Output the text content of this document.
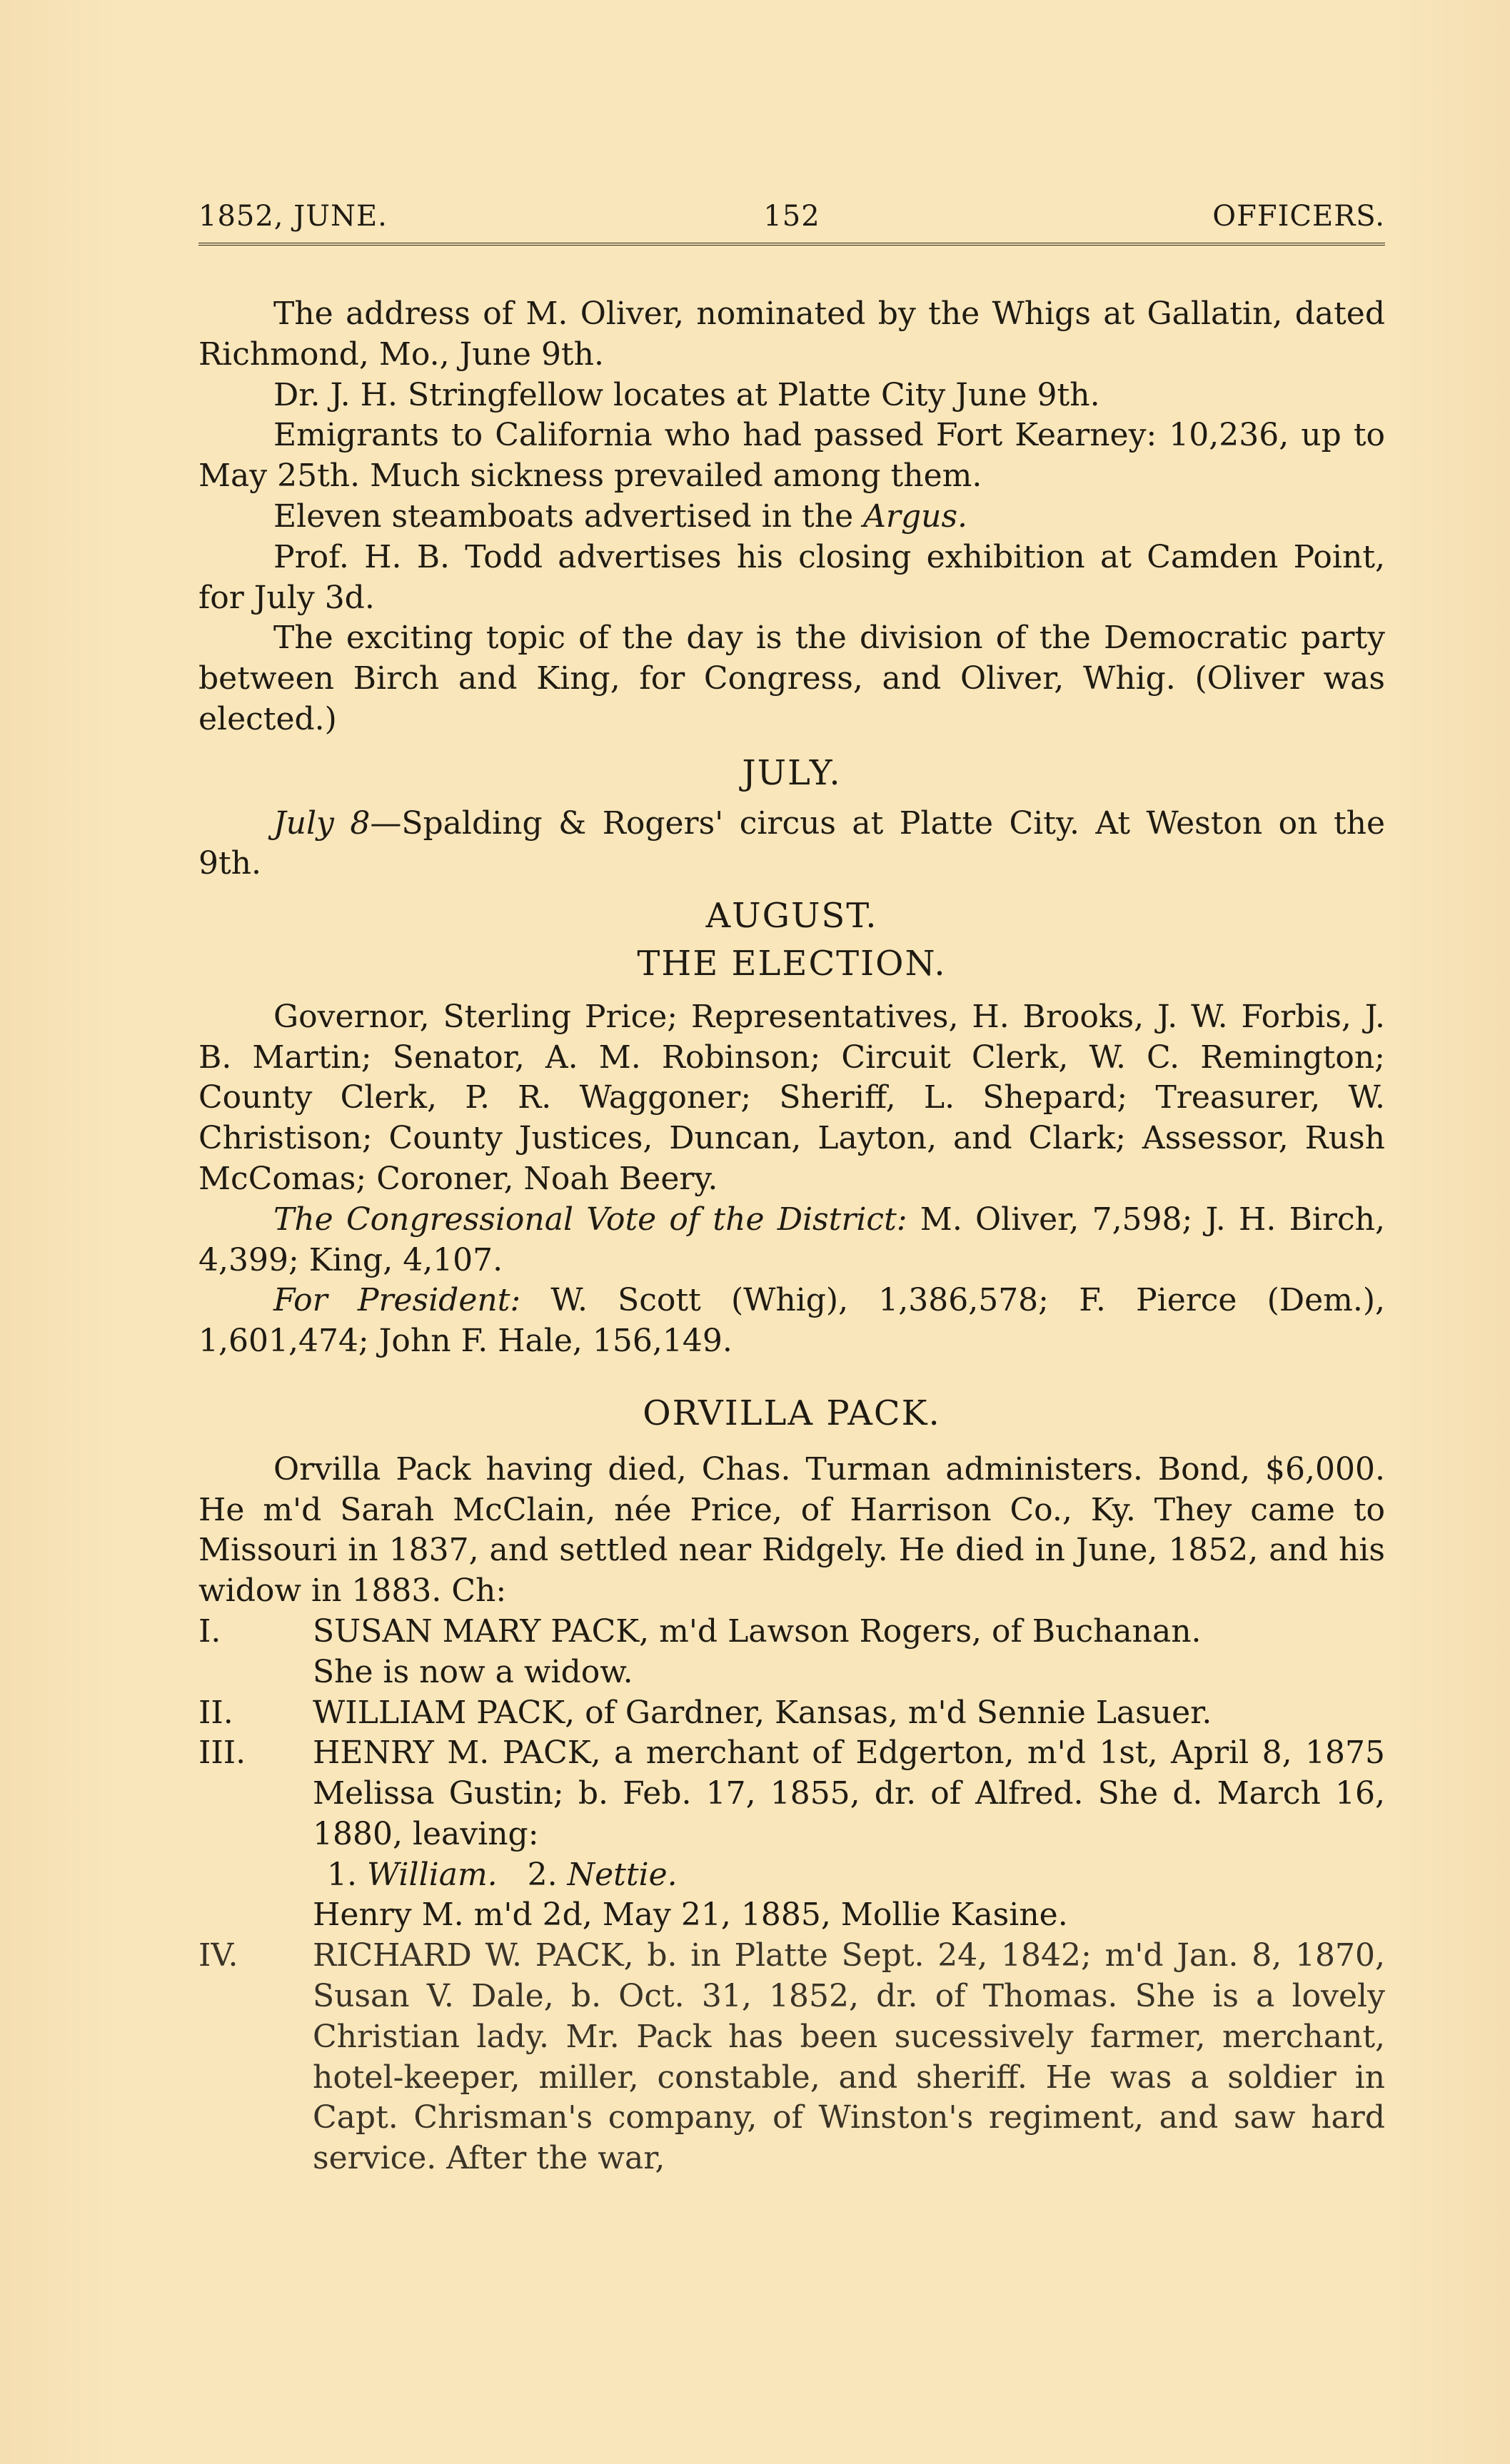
1852, JUNE.	152	OFFICERS.

The address of M. Oliver, nominated by the Whigs at Gallatin, dated Richmond, Mo., June 9th.

Dr. J. H. Stringfellow locates at Platte City June 9th.

Emigrants to California who had passed Fort Kearney: 10,236, up to May 25th. Much sickness prevailed among them.

Eleven steamboats advertised in the Argus.

Prof. H. B. Todd advertises his closing exhibition at Camden Point, for July 3d.

The exciting topic of the day is the division of the Democratic party between Birch and King, for Congress, and Oliver, Whig. (Oliver was elected.)

JULY.

July 8—Spalding & Rogers' circus at Platte City. At Weston on the 9th.

AUGUST.
THE ELECTION.

Governor, Sterling Price; Representatives, H. Brooks, J. W. Forbis, J. B. Martin; Senator, A. M. Robinson; Circuit Clerk, W. C. Remington; County Clerk, P. R. Waggoner; Sheriff, L. Shepard; Treasurer, W. Christison; County Justices, Duncan, Layton, and Clark; Assessor, Rush McComas; Coroner, Noah Beery.

The Congressional Vote of the District: M. Oliver, 7,598; J. H. Birch, 4,399; King, 4,107.

For President: W. Scott (Whig), 1,386,578; F. Pierce (Dem.), 1,601,474; John F. Hale, 156,149.

ORVILLA PACK.

Orvilla Pack having died, Chas. Turman administers. Bond, $6,000. He m'd Sarah McClain, née Price, of Harrison Co., Ky. They came to Missouri in 1837, and settled near Ridgely. He died in June, 1852, and his widow in 1883. Ch:

I.	SUSAN MARY PACK, m'd Lawson Rogers, of Buchanan.

She is now a widow.

II.	WILLIAM PACK, of Gardner, Kansas, m'd Sennie Lasuer.

III.	HENRY M. PACK, a merchant of Edgerton, m'd 1st, April 8, 1875 Melissa Gustin; b. Feb. 17, 1855, dr. of Alfred. She d. March 16, 1880, leaving:

1. William. 2. Nettie.

Henry M. m'd 2d, May 21, 1885, Mollie Kasine.

IV.	RICHARD W. PACK, b. in Platte Sept. 24, 1842; m'd Jan. 8, 1870, Susan V. Dale, b. Oct. 31, 1852, dr. of Thomas. She is a lovely Christian lady. Mr. Pack has been sucessively farmer, merchant, hotel-keeper, miller, constable, and sheriff. He was a soldier in Capt. Chrisman's company, of Winston's regiment, and saw hard service. After the war,
